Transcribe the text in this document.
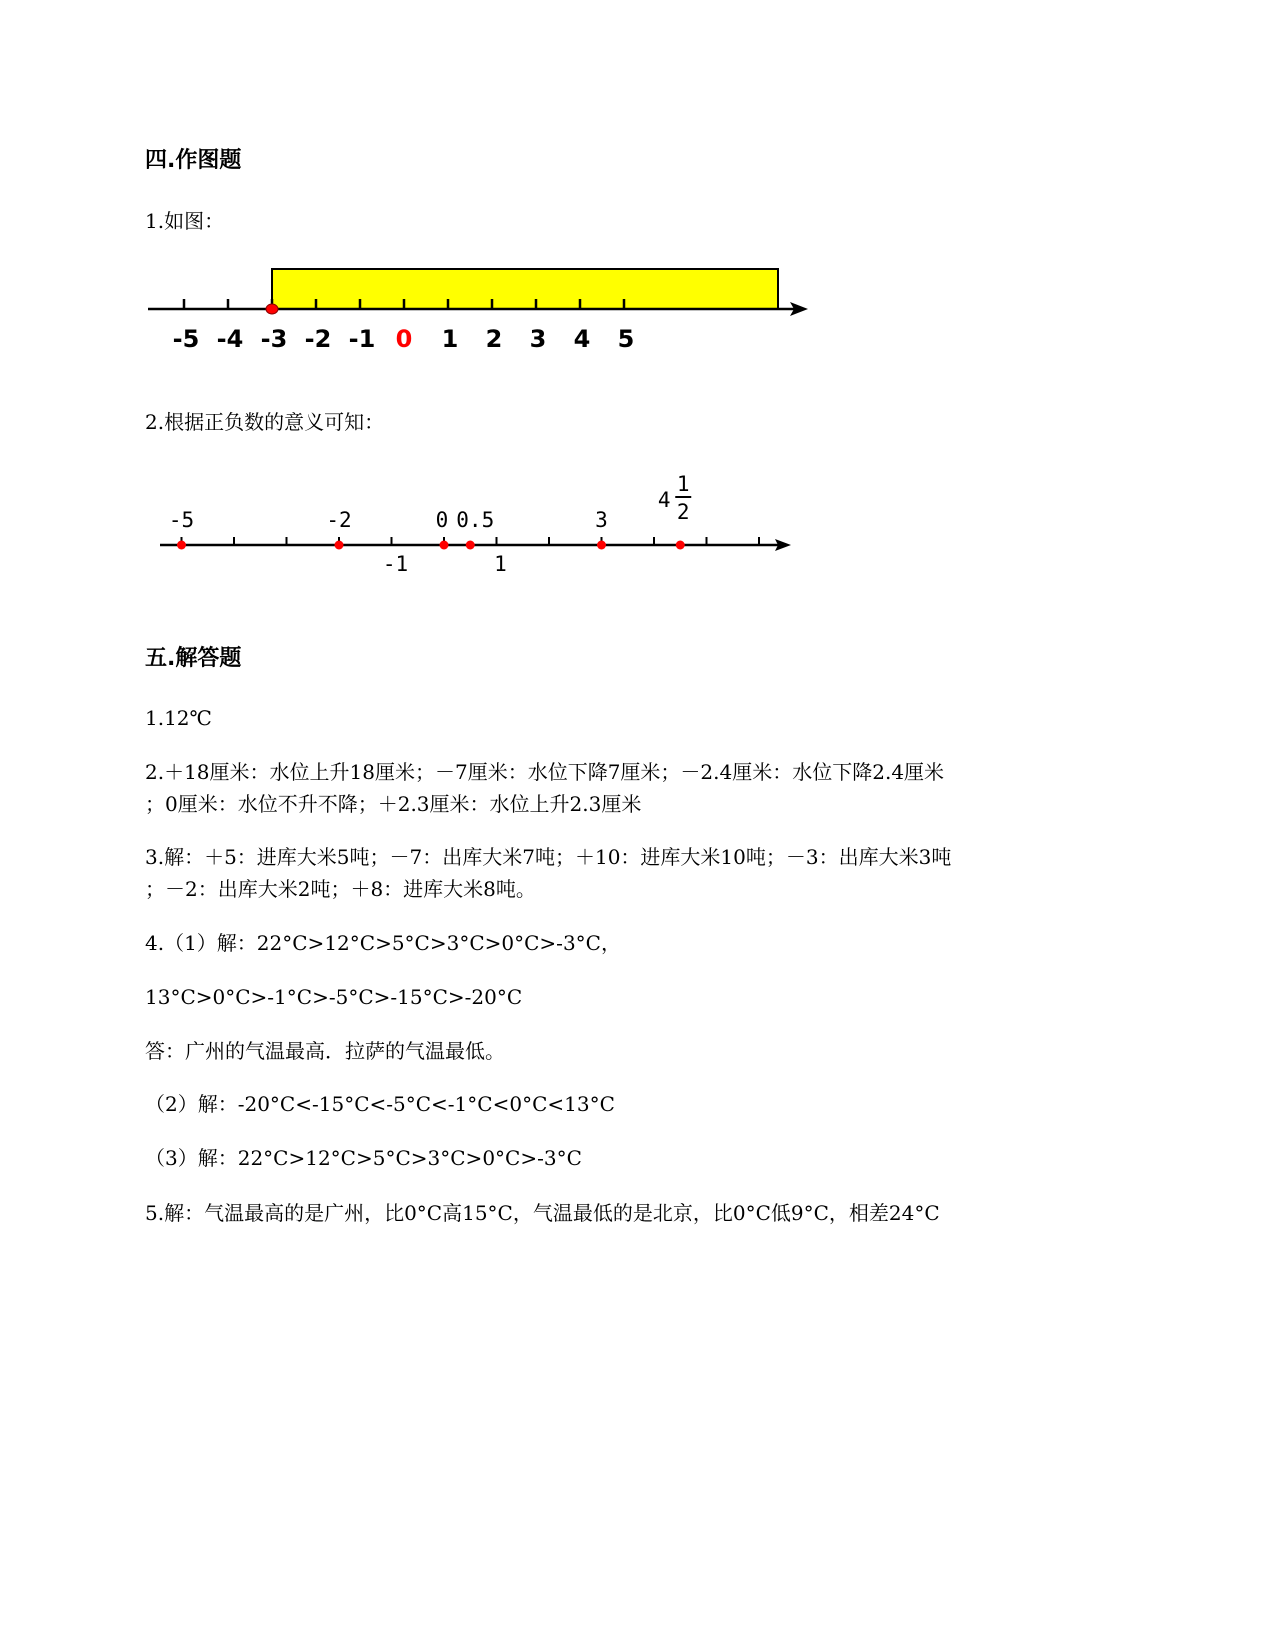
四.作图题
1.如图：
-5 -4 -3 -2 -1 0 1 2 3 4 5
2.根据正负数的意义可知：
-5	-2	0 0.5	3
-1	1
4
1
2
五.解答题
1.12℃
2.＋18厘米：水位上升18厘米；－7厘米：水位下降7厘米；－2.4厘米：水位下降2.4厘米
；0厘米：水位不升不降；＋2.3厘米：水位上升2.3厘米
3.解：＋5：进库大米5吨；－7：出库大米7吨；＋10：进库大米10吨；－3：出库大米3吨
；－2：出库大米2吨；＋8：进库大米8吨。
4.（1）解：22°C>12°C>5°C>3°C>0°C>-3°C，
13°C>0°C>-1°C>-5°C>-15°C>-20°C
答：广州的气温最高．拉萨的气温最低。
（2）解：-20°C<-15°C<-5°C<-1°C<0°C<13°C
（3）解：22°C>12°C>5°C>3°C>0°C>-3°C
5.解：气温最高的是广州，比0°C高15°C，气温最低的是北京，比0°C低9°C，相差24°C
